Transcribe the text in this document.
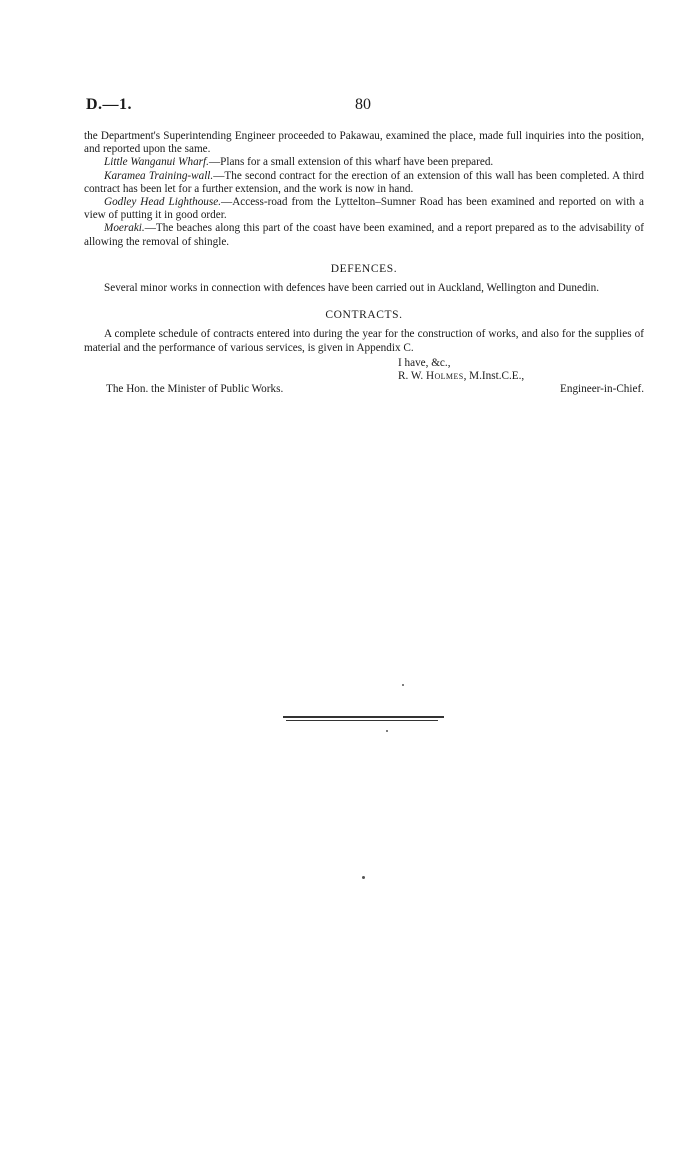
D.—1.	80

the Department's Superintending Engineer proceeded to Pakawau, examined the place, made full inquiries into the position, and reported upon the same.

Little Wanganui Wharf.—Plans for a small extension of this wharf have been prepared.

Karamea Training-wall.—The second contract for the erection of an extension of this wall has been completed. A third contract has been let for a further extension, and the work is now in hand.

Godley Head Lighthouse.—Access-road from the Lyttelton–Sumner Road has been examined and reported on with a view of putting it in good order.

Moeraki.—The beaches along this part of the coast have been examined, and a report prepared as to the advisability of allowing the removal of shingle.

DEFENCES.

Several minor works in connection with defences have been carried out in Auckland, Wellington and Dunedin.

CONTRACTS.

A complete schedule of contracts entered into during the year for the construction of works, and also for the supplies of material and the performance of various services, is given in Appendix C.

I have, &c.,
R. W. Holmes, M.Inst.C.E.,
The Hon. the Minister of Public Works.	Engineer-in-Chief.
